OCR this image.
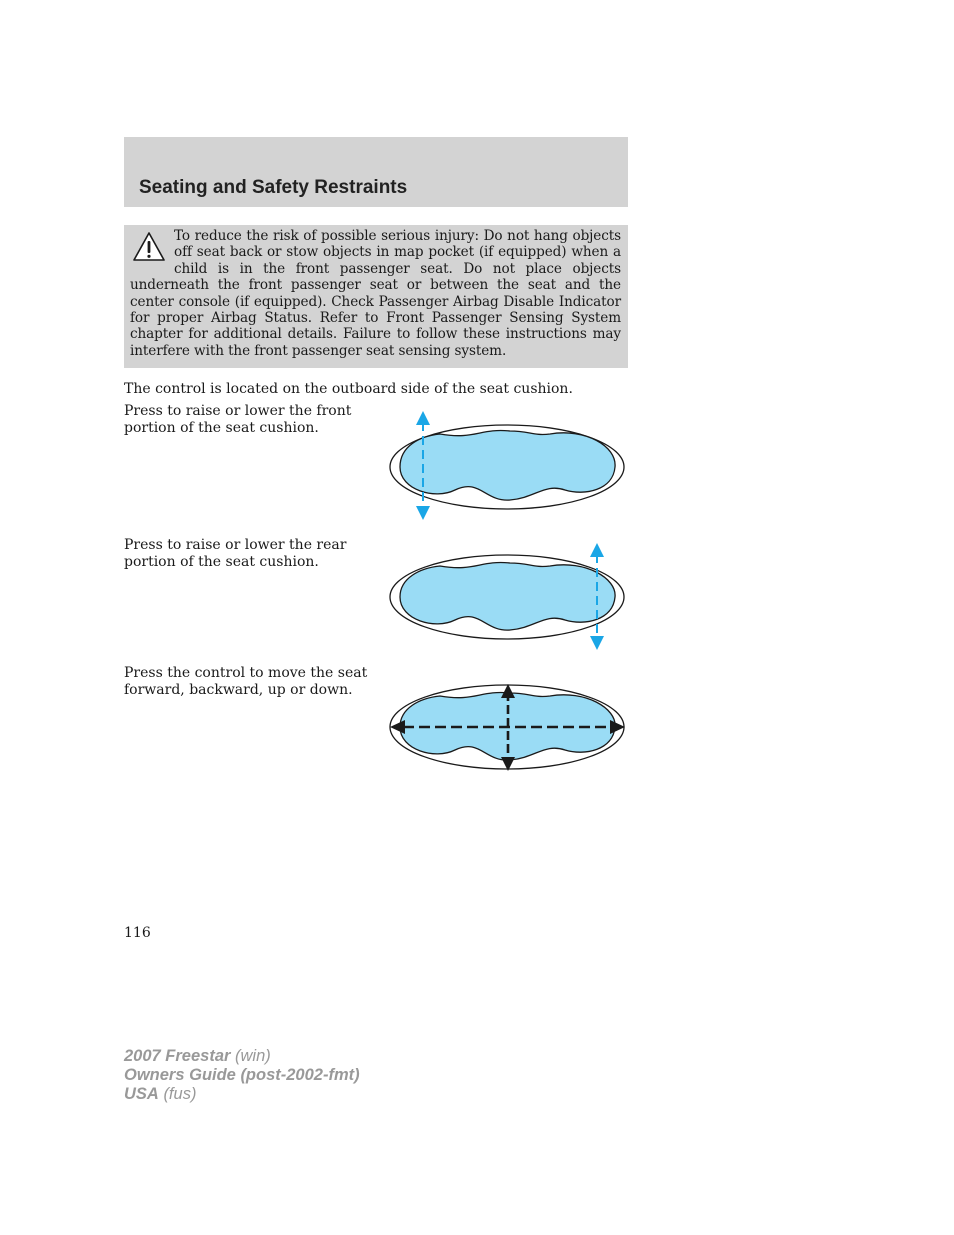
Seating and Safety Restraints

To reduce the risk of possible serious injury: Do not hang objects off seat back or stow objects in map pocket (if equipped) when a child is in the front passenger seat. Do not place objects underneath the front passenger seat or between the seat and the center console (if equipped). Check Passenger Airbag Disable Indicator for proper Airbag Status. Refer to Front Passenger Sensing System chapter for additional details. Failure to follow these instructions may interfere with the front passenger seat sensing system.

The control is located on the outboard side of the seat cushion.

Press to raise or lower the front portion of the seat cushion.

Press to raise or lower the rear portion of the seat cushion.

Press the control to move the seat forward, backward, up or down.

116

2007 Freestar (win)
Owners Guide (post-2002-fmt)
USA (fus)
